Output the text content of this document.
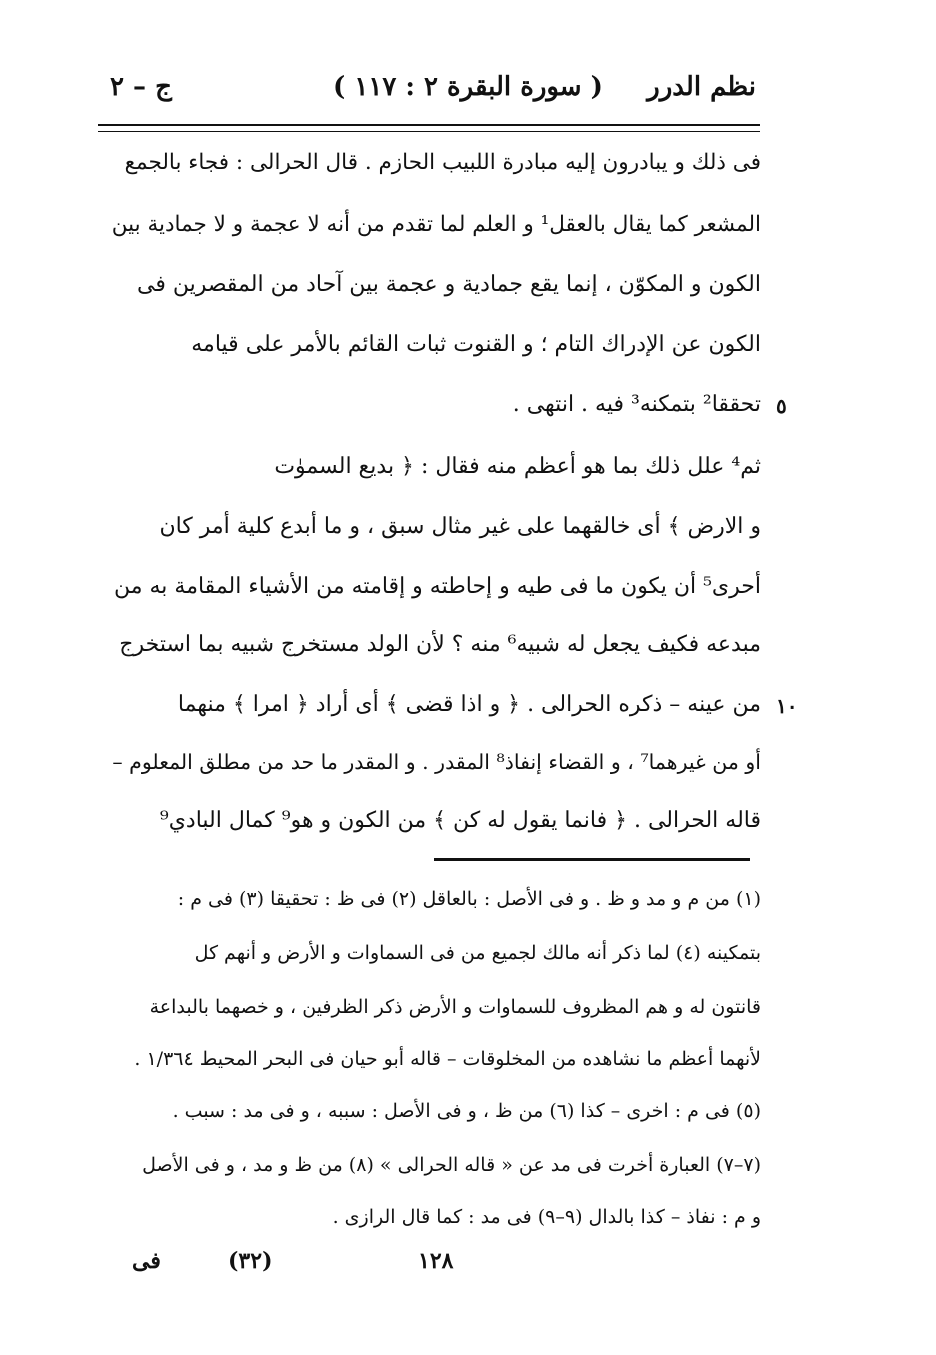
نظم الدرر
( سورة البقرة ٢ : ١١٧ )
ج – ٢
فى ذلك و يبادرون إليه مبادرة اللبيب الحازم . قال الحرالى : فجاء بالجمع
المشعر كما يقال بالعقل¹ و العلم لما تقدم من أنه لا عجمة و لا جمادية بين
الكون و المكوّن ، إنما يقع جمادية و عجمة بين آحاد من المقصرين فى
الكون عن الإدراك التام ؛ و القنوت ثبات القائم بالأمر على قيامه
تحققا² بتمكنه³ فيه . انتهى .
ثم⁴ علل ذلك بما هو أعظم منه فقال : ﴿ بديع السموٰت
و الارض ﴾ أى خالقهما على غير مثال سبق ، و ما أبدع كلية أمر كان
أحرى⁵ أن يكون ما فى طيه و إحاطته و إقامته من الأشياء المقامة به من
مبدعه فكيف يجعل له شبيه⁶ منه ؟ لأن الولد مستخرج شبيه بما استخرج
من عينه – ذكره الحرالى . ﴿ و اذا قضى ﴾ أى أراد ﴿ امرا ﴾ منهما
أو من غيرهما⁷ ، و القضاء إنفاذ⁸ المقدر . و المقدر ما حد من مطلق المعلوم –
قاله الحرالى . ﴿ فانما يقول له كن ﴾ من الكون و هو⁹ كمال البادي⁹
٥
١٠
(١) من م و مد و ظ . و فى الأصل : بالعاقل (٢) فى ظ : تحقيقا (٣) فى م :
بتمكينه (٤) لما ذكر أنه مالك لجميع من فى السماوات و الأرض و أنهم كل
قانتون له و هم المظروف للسماوات و الأرض ذكر الظرفين ، و خصهما بالبداعة
لأنهما أعظم ما نشاهده من المخلوقات – قاله أبو حيان فى البحر المحيط ١/٣٦٤ .
(٥) فى م : اخرى – كذا (٦) من ظ ، و فى الأصل : سببه ، و فى مد : سبب .
(٧–٧) العبارة أخرت فى مد عن « قاله الحرالى » (٨) من ظ و مد ، و فى الأصل
و م : نفاذ – كذا بالدال (٩–٩) فى مد : كما قال الرازى .
فى	(٣٢)	١٢٨
